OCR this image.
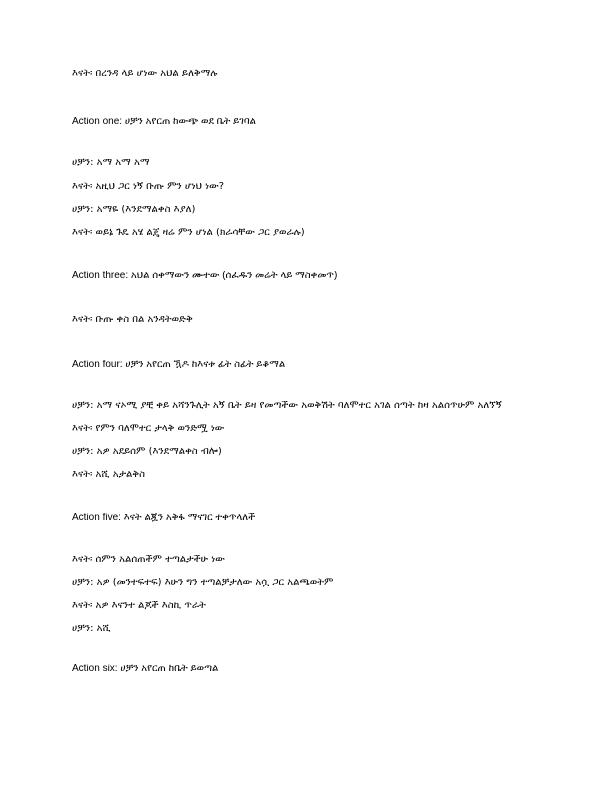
እናት፡ በረንዳ ላይ ሆነው አህል ይለቅማሉ
Action one: ሀቻን አየርጠ ከውጭ ወደ ቤት ይገባል
ሀቻን: አማ አማ አማ
እናት፡ አዚህ ጋር ነኝ ቡጡ ምን ሆነህ ነው?
ሀቻን: አማዬ (እንደማልቀስ እያለ)
እናት፡ ወይኔ ጉዴ አሄ ልጄ ዛሬ ምን ሆነል (ክራሳቸው ጋር ያወራሉ)
Action three: አህል ሰቀማውን ሙተው (ሰፈዱን መሬት ላይ ማስቀመጥ)
እናት፡ ቡጡ ቀስ በል አንዳትወድቅ
Action four: ሀቻን አየርጠ ዃዶ ከእናቱ ፊት ስፊት ይቆማል
ሀቻን: አማ ናኦሚ ያቺ ቀይ አሻንጉሊት አኝ ቤት ይዛ የመጣችው አወቅሽት ባለሞተር አገል ሰጣት ከዛ አልሰጥሁም አለኘኝ
እናት፡ የምን ባለሞተር ታላቅ ወንድሟ ነው
ሀቻን: አዎ አደይሰም (እንደማልቀስ ብሎ)
እናት፡ አሺ አታልቅስ
Action five: እናት ልጇን አቅፋ ማናገር ተቀጥላለች
እናት፡ ሰምን አልሰጠችም ተጣልታችሁ ነው
ሀቻን: አዎ (መንተፍተፍ) እሁን ግን ተጣልቻታለው አሷ ጋር አልጫወትም
እናት፡ አዎ እናንተ ልጆች እስኪ ጥራት
ሀቻን: አሺ
Action six: ሀቻን አየርጠ ከቤት ይወጣል
